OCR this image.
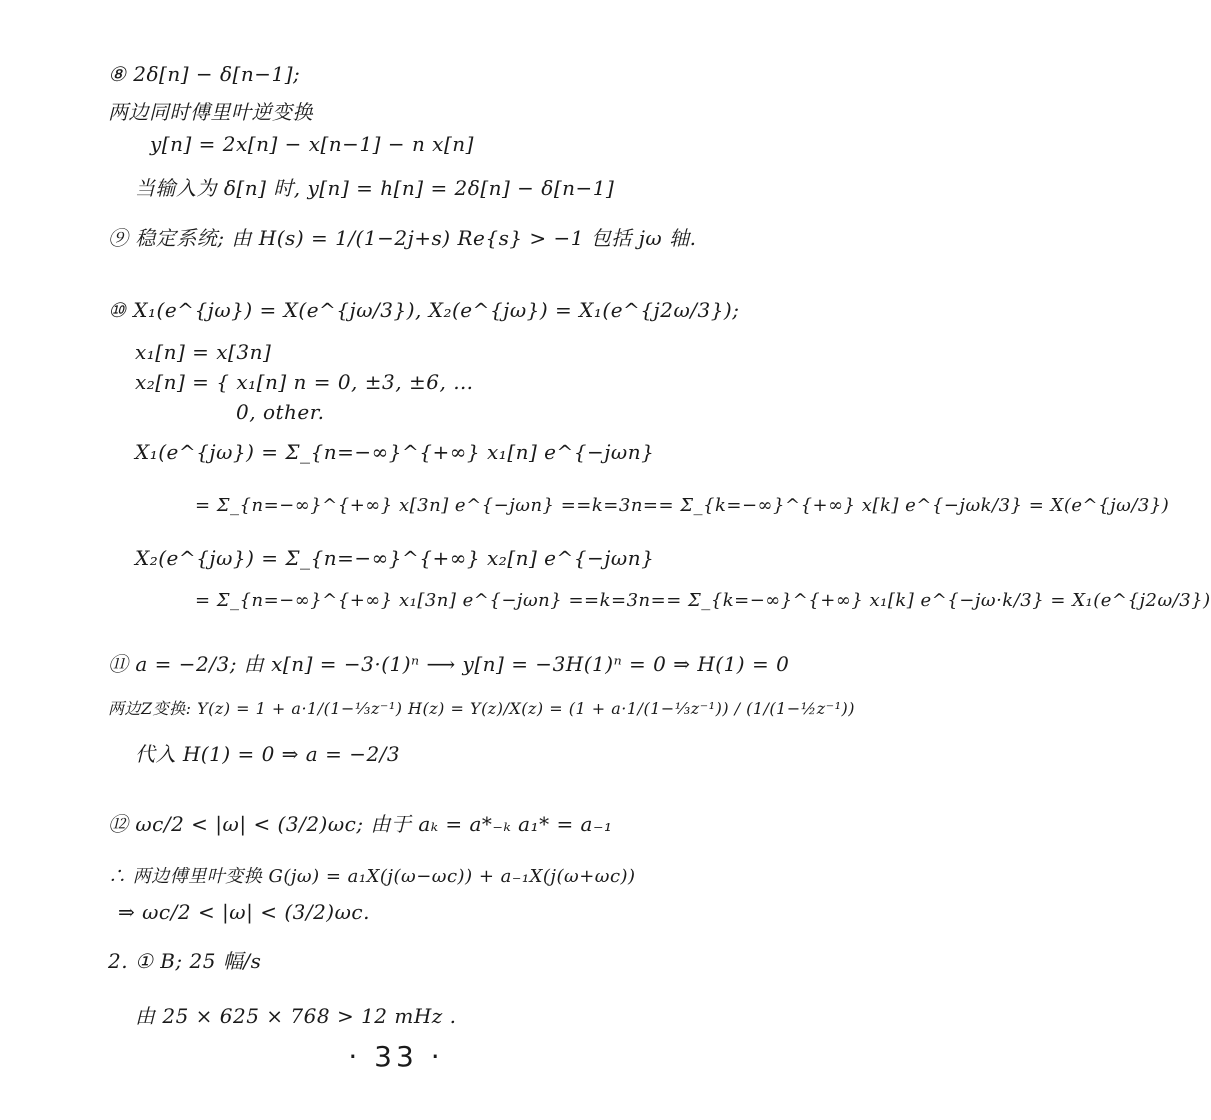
⑧ 2δ[n] − δ[n−1];
两边同时傅里叶逆变换
y[n] = 2x[n] − x[n−1] − n x[n]
当输入为 δ[n] 时, y[n] = h[n] = 2δ[n] − δ[n−1]
⑨ 稳定系统; 由 H(s) = 1/(1−2j+s) Re{s} > −1 包括 jω 轴.
⑩ X₁(e^{jω}) = X(e^{jω/3}), X₂(e^{jω}) = X₁(e^{j2ω/3});
x₁[n] = x[3n]
x₂[n] = { x₁[n] n = 0, ±3, ±6, …
0, other.
X₁(e^{jω}) = Σ_{n=−∞}^{+∞} x₁[n] e^{−jωn}
= Σ_{n=−∞}^{+∞} x[3n] e^{−jωn} ==k=3n== Σ_{k=−∞}^{+∞} x[k] e^{−jωk/3} = X(e^{jω/3})
X₂(e^{jω}) = Σ_{n=−∞}^{+∞} x₂[n] e^{−jωn}
= Σ_{n=−∞}^{+∞} x₁[3n] e^{−jωn} ==k=3n== Σ_{k=−∞}^{+∞} x₁[k] e^{−jω·k/3} = X₁(e^{j2ω/3})
⑪ a = −2/3; 由 x[n] = −3·(1)ⁿ ⟶ y[n] = −3H(1)ⁿ = 0 ⇒ H(1) = 0
两边Z变换: Y(z) = 1 + a·1/(1−⅓z⁻¹) H(z) = Y(z)/X(z) = (1 + a·1/(1−⅓z⁻¹)) / (1/(1−½z⁻¹))
代入 H(1) = 0 ⇒ a = −2/3
⑫ ωc/2 < |ω| < (3/2)ωc; 由于 aₖ = a*₋ₖ a₁* = a₋₁
∴ 两边傅里叶变换 G(jω) = a₁X(j(ω−ωc)) + a₋₁X(j(ω+ωc))
⇒ ωc/2 < |ω| < (3/2)ωc.
2. ① B; 25 幅/s
由 25 × 625 × 768 > 12 mHz .
· 33 ·
